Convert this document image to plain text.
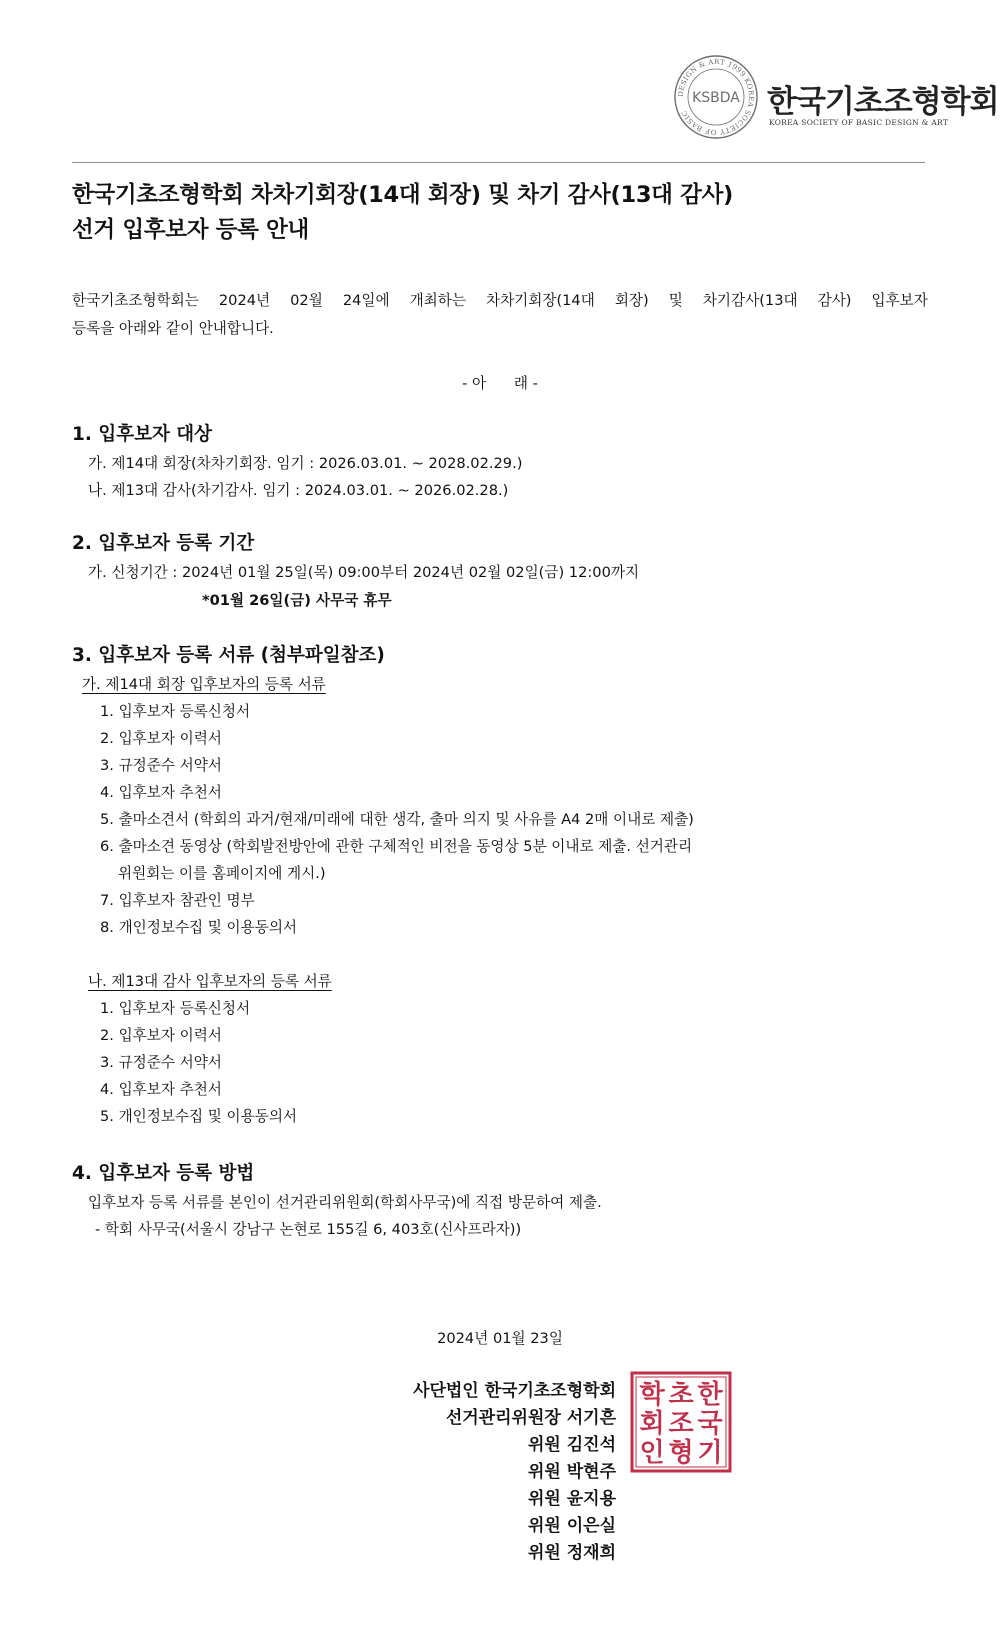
DESIGN & ART 1999 KOREA SOCIETY OF BASIC
KSBDA 한국기초조형학회
KOREA SOCIETY OF BASIC DESIGN & ART
한국기초조형학회 차차기회장(14대 회장) 및 차기 감사(13대 감사)
선거 입후보자 등록 안내
한국기초조형학회는 2024년 02월 24일에 개최하는 차차기회장(14대 회장) 및 차기감사(13대 감사) 입후보자
등록을 아래와 같이 안내합니다.
- 아      래 -
1. 입후보자 대상
가. 제14대 회장(차차기회장. 임기 : 2026.03.01. ~ 2028.02.29.)
나. 제13대 감사(차기감사. 임기 : 2024.03.01. ~ 2026.02.28.)
2. 입후보자 등록 기간
가. 신청기간 : 2024년 01월 25일(목) 09:00부터 2024년 02월 02일(금) 12:00까지
*01월 26일(금) 사무국 휴무
3. 입후보자 등록 서류 (첨부파일참조)
가. 제14대 회장 입후보자의 등록 서류
1. 입후보자 등록신청서
2. 입후보자 이력서
3. 규정준수 서약서
4. 입후보자 추천서
5. 출마소견서 (학회의 과거/현재/미래에 대한 생각, 출마 의지 및 사유를 A4 2매 이내로 제출)
6. 출마소견 동영상 (학회발전방안에 관한 구체적인 비전을 동영상 5분 이내로 제출. 선거관리
위원회는 이를 홈페이지에 게시.)
7. 입후보자 참관인 명부
8. 개인정보수집 및 이용동의서
나. 제13대 감사 입후보자의 등록 서류
1. 입후보자 등록신청서
2. 입후보자 이력서
3. 규정준수 서약서
4. 입후보자 추천서
5. 개인정보수집 및 이용동의서
4. 입후보자 등록 방법
입후보자 등록 서류를 본인이 선거관리위원회(학회사무국)에 직접 방문하여 제출.
- 학회 사무국(서울시 강남구 논현로 155길 6, 403호(신사프라자))
2024년 01월 23일
사단법인 한국기초조형학회
선거관리위원장 서기흔
위원 김진석
위원 박현주
위원 윤지용
위원 이은실
위원 정재희
한
국
기
초
조
형
학
회
인
